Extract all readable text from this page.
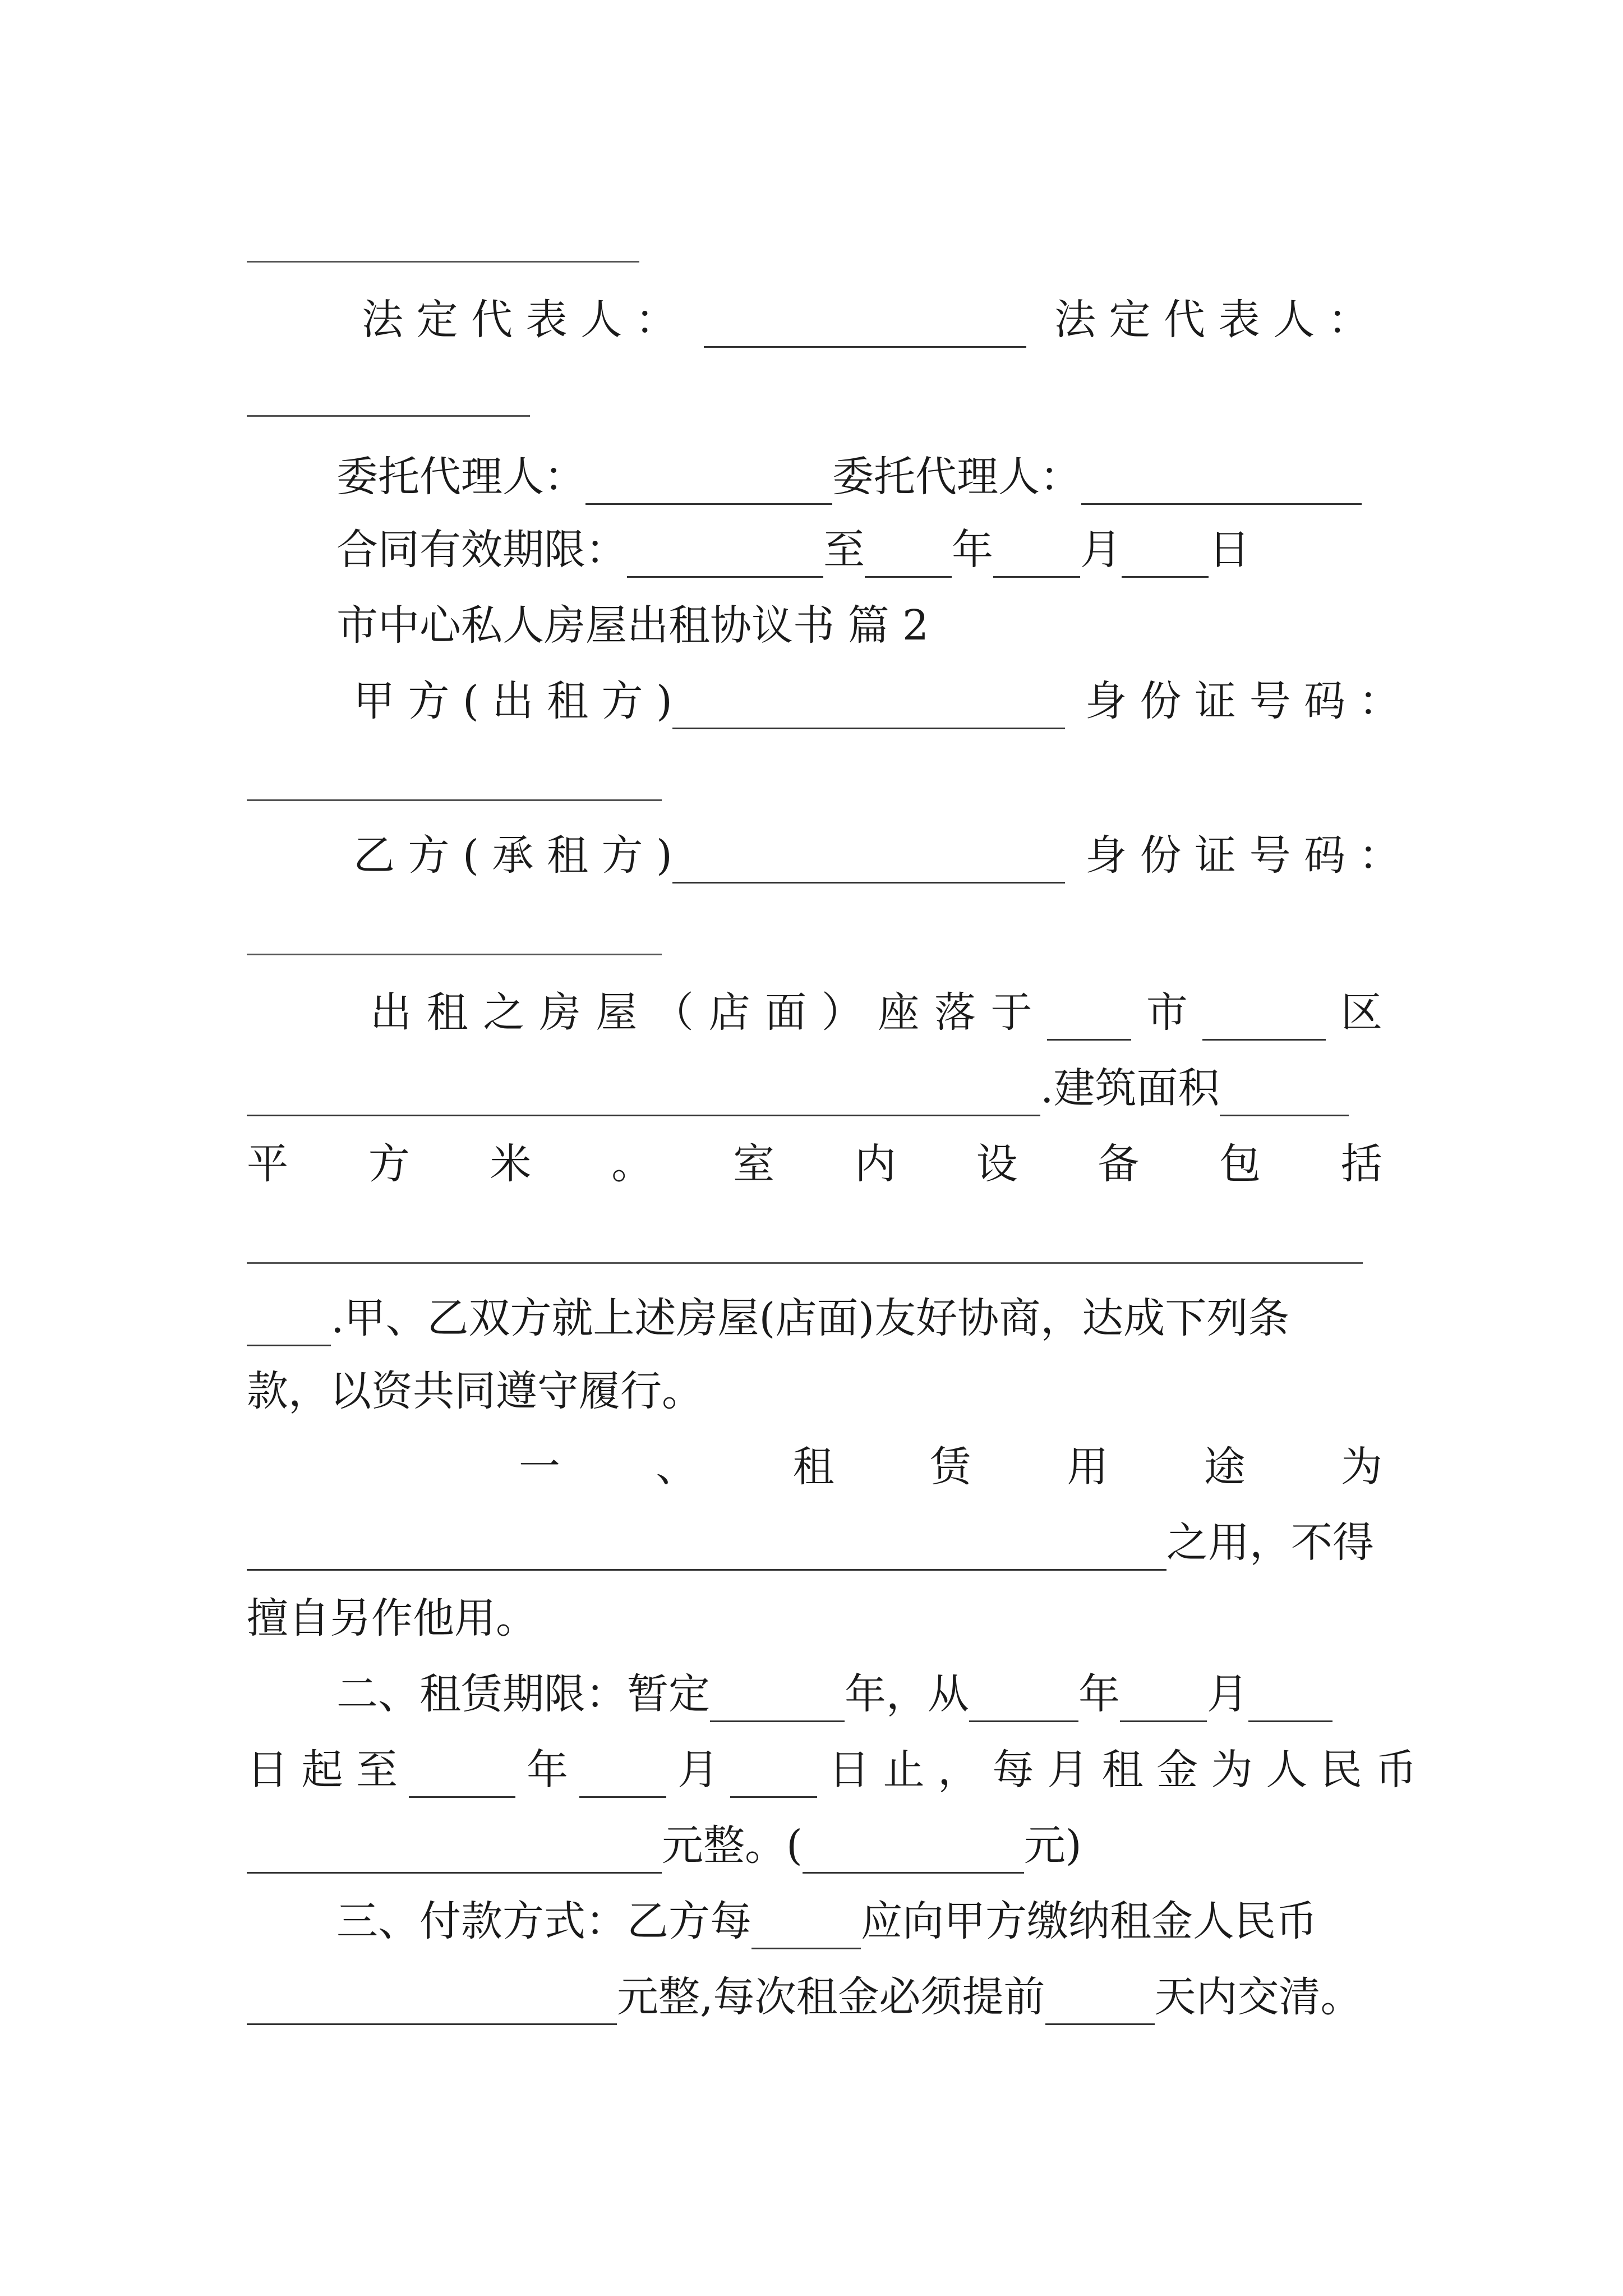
法 定 代 表 人 ：	法 定 代 表 人 ：
委托代理人：	委托代理人：
合同有效期限：	至 年 月 日
市中心私人房屋出租协议书 篇 2
甲 方 ( 出 租 方 )	身 份 证 号 码 ：
乙 方 ( 承 租 方 )	身 份 证 号 码 ：
出 租 之 房 屋 （ 店 面 ） 座 落 于	市	区
.建筑面积
平 方 米 。 室 内 设 备 包 括
.甲、乙双方就上述房屋(店面)友好协商，达成下列条
款，以资共同遵守履行。
一 、 租 赁 用 途 为
之用，不得
擅自另作他用。
二、租赁期限：暂定	年，从	年 月
日 起 至	年	月	日 止 ， 每 月 租 金 为 人 民 币
元整。(	元)
三、付款方式：乙方每	应向甲方缴纳租金人民币
元整,每次租金必须提前	天内交清。
